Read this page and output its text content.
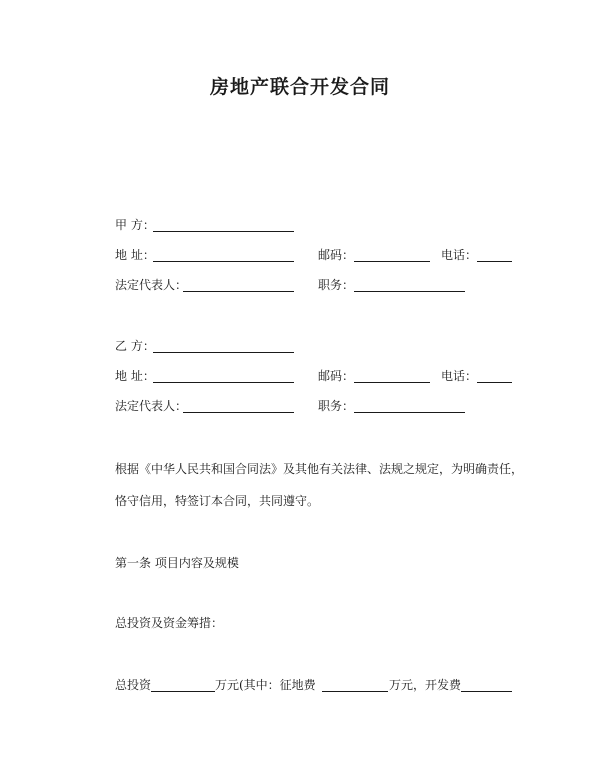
房地产联合开发合同
甲 方：
地 址：	邮码：	电话：
法定代表人：	职务：
乙 方：
地 址：	邮码：	电话：
法定代表人：	职务：
根据《中华人民共和国合同法》及其他有关法律、法规之规定，为明确责任，
恪守信用，特签订本合同，共同遵守。
第一条 项目内容及规模
总投资及资金筹措：
总投资	万元(其中：征地费	万元，开发费
